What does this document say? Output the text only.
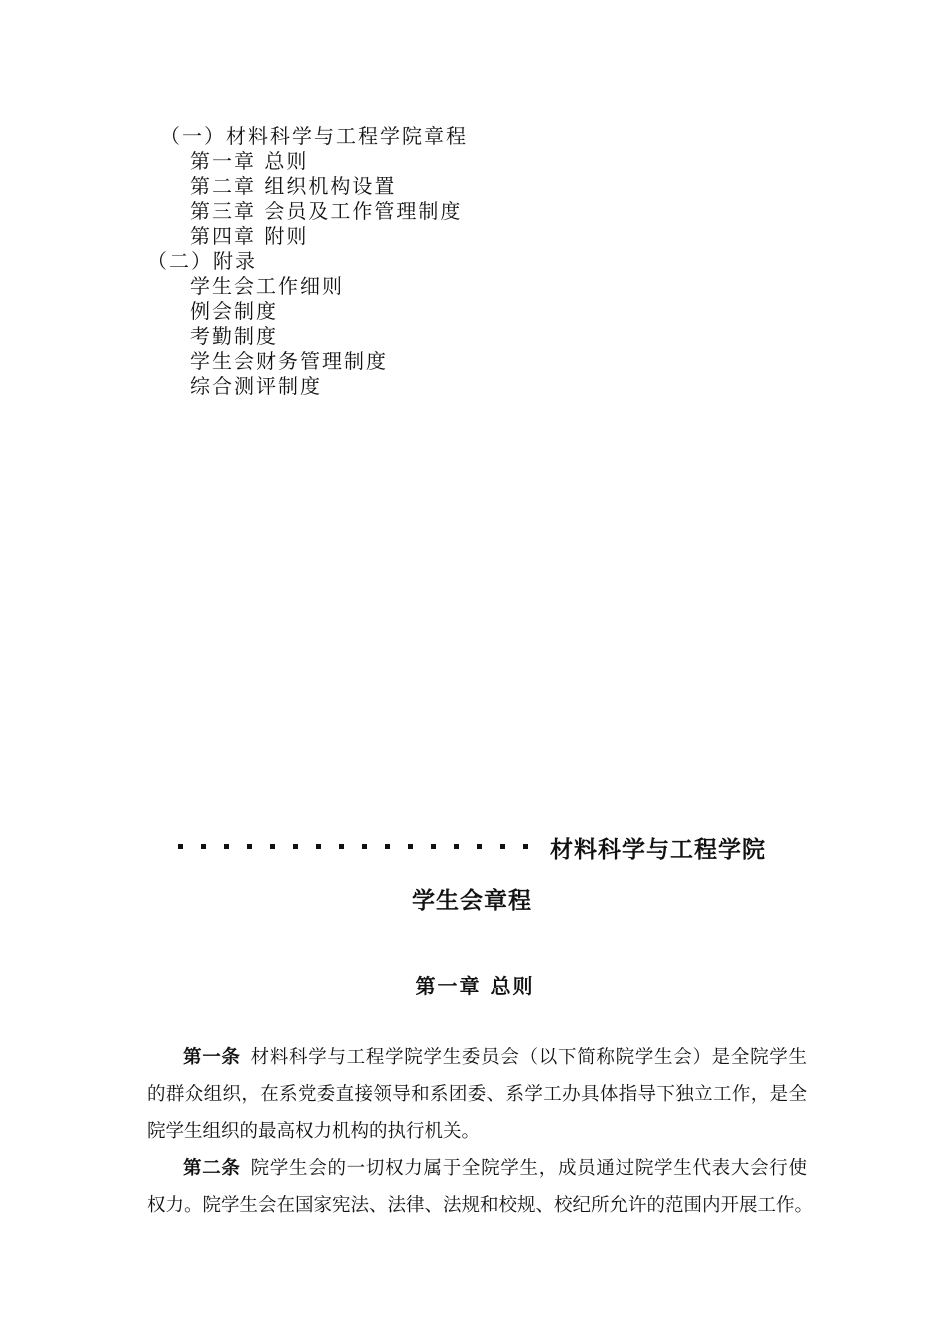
（一）材料科学与工程学院章程
第一章 总则
第二章 组织机构设置
第三章 会员及工作管理制度
第四章 附则
（二）附录
学生会工作细则
例会制度
考勤制度
学生会财务管理制度
综合测评制度
材料科学与工程学院
学生会章程
第一章 总则
第一条 材料科学与工程学院学生委员会（以下简称院学生会）是全院学生
的群众组织，在系党委直接领导和系团委、系学工办具体指导下独立工作，是全
院学生组织的最高权力机构的执行机关。
第二条 院学生会的一切权力属于全院学生，成员通过院学生代表大会行使
权力。院学生会在国家宪法、法律、法规和校规、校纪所允许的范围内开展工作。
